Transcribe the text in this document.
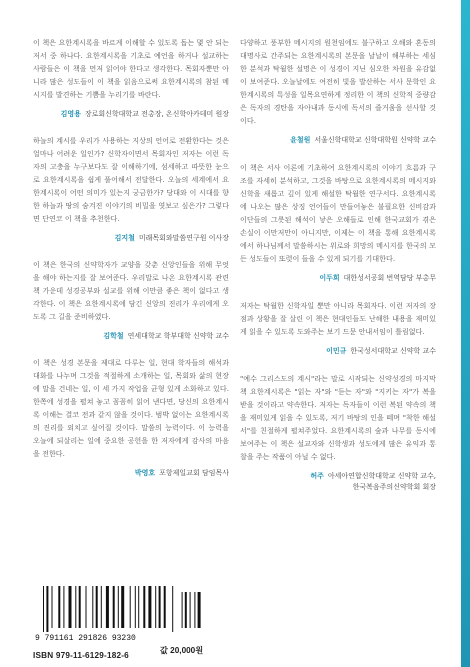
이 책은 요한계시록을 바르게 이해할 수 있도록 돕는 몇 안 되는 저서 중 하나다. 요한계시록을 기초로 예언을 하거나 설교하는 사람들은 이 책을 먼저 읽어야 한다고 생각한다. 목회자뿐만 아니라 많은 성도들이 이 책을 읽음으로써 요한계시록의 참된 메시지를 발견하는 기쁨을 누리기를 바란다.

김영용 장로회신학대학교 전총장, 온신학아카데미 원장

하늘의 계시를 우리가 사용하는 지상의 언어로 전환한다는 것은 얼마나 어려운 일인가? 신학자이면서 목회자인 저자는 이런 독자의 고충을 누구보다도 잘 이해하기에, 섬세하고 따뜻한 눈으로 요한계시록을 쉽게 풀어해서 전달한다. 오늘의 세계에서 요한계시록이 어떤 의미가 있는지 궁금한가? 당대와 이 시대를 향한 하늘과 땅의 숨겨진 이야기의 비밀을 엿보고 싶은가? 그렇다면 단연코 이 책을 추천한다.

김지철 미래목회와말씀연구원 이사장

이 책은 한국의 신약학자가 교양을 갖춘 신앙인들을 위해 무엇을 해야 하는지를 잘 보여준다. 우리말로 나온 요한계시록 관련 책 가운데 성경공부와 설교를 위해 이만큼 좋은 책이 없다고 생각한다. 이 책은 요한계시록에 담긴 신앙의 진리가 우리에게 오도록 그 길을 준비하였다.

김학철 연세대학교 학부대학 신약학 교수

이 책은 성경 본문을 제대로 다루는 일, 현대 학자들의 해석과 대화를 나누며 그것을 적절하게 소개하는 일, 목회와 삶의 현장에 말을 건네는 일, 이 세 가지 작업을 균형 있게 소화하고 있다. 한쪽에 성경을 펼쳐 놓고 꼼꼼히 읽어 낸다면, 당신의 요한계시록 이해는 결코 전과 같지 않을 것이다. 범박 없이는 요한계시록의 진리를 외치고 싶어질 것이다. 말씀의 능력이다. 이 능력을 오늘에 되살리는 일에 중요한 공헌을 한 저자에게 감사의 마음을 전한다.

박영호 포항제일교회 담임목사

다양하고 풍부한 메시지의 원천임에도 불구하고 오해와 혼동의 대명사로 간주되는 요한계시록의 본문을 날날이 해부하는 세심한 분석과 탁월한 설명은 이 성경이 지닌 심오한 차원을 유감없이 보여준다. 오늘날에도 여전히 빛을 발산하는 서사 문학인 요한계시록의 특성을 일목요연하게 정리한 이 책의 신학적 중량감은 독자의 경탄을 자아내과 동시에 독서의 즐거움을 선사할 것이다.

윤철원 서울신학대학교 신학대학원 신약학 교수

이 책은 서사 이론에 기초하여 요한계시록의 이야기 흐름과 구조를 자세히 분석하고, 그것을 바탕으로 요한계시록의 메시지와 신학을 새롭고 깊이 있게 해설한 탁월한 연구서다. 요한계시록에 나오는 많은 상징 언어들이 만들어놓은 불필요한 신비감과 이단들의 그릇된 해석이 낳은 오해들로 인해 한국교회가 겪은 손실이 이만저만이 아니지만, 이제는 이 책을 통해 요한계시록에서 하나님께서 말씀하시는 위로와 희망의 메시지를 한국의 모든 성도들이 또렷이 들을 수 있게 되기를 기대한다.

이두희 대한성서공회 번역담당 부총무

저자는 탁월한 신학자일 뿐만 아니라 목회자다. 이런 저자의 장점과 상황을 잘 살린 이 책은 현대인들도 난해한 내용을 재미있게 읽을 수 있도록 도와주는 보기 드문 안내서임이 틀림없다.

이민규 한국성서대학교 신약학 교수

"예수 그리스도의 계시"라는 말로 시작되는 신약성경의 마지막 책 요한계시록은 "읽는 자"와 "듣는 자"와 "지키는 자"가 복을 받을 것이라고 약속한다. 저자는 독자들이 이런 복된 약속의 책을 재미있게 읽을 수 있도록, 저기 바탕의 인을 떼며 "착한 해설서"를 친절하게 펼쳐주었다. 요한계시록의 숲과 나무를 동시에 보여주는 이 책은 설교자와 신학생과 성도에게 많은 유익과 통찰을 주는 작품이 아닐 수 없다.

허주 아세아연합신학대학교 신약학 교수,
한국복음주의신약학회 회장
9 791161 291826 93230
ISBN 979-11-6129-182-6
값 20,000원
